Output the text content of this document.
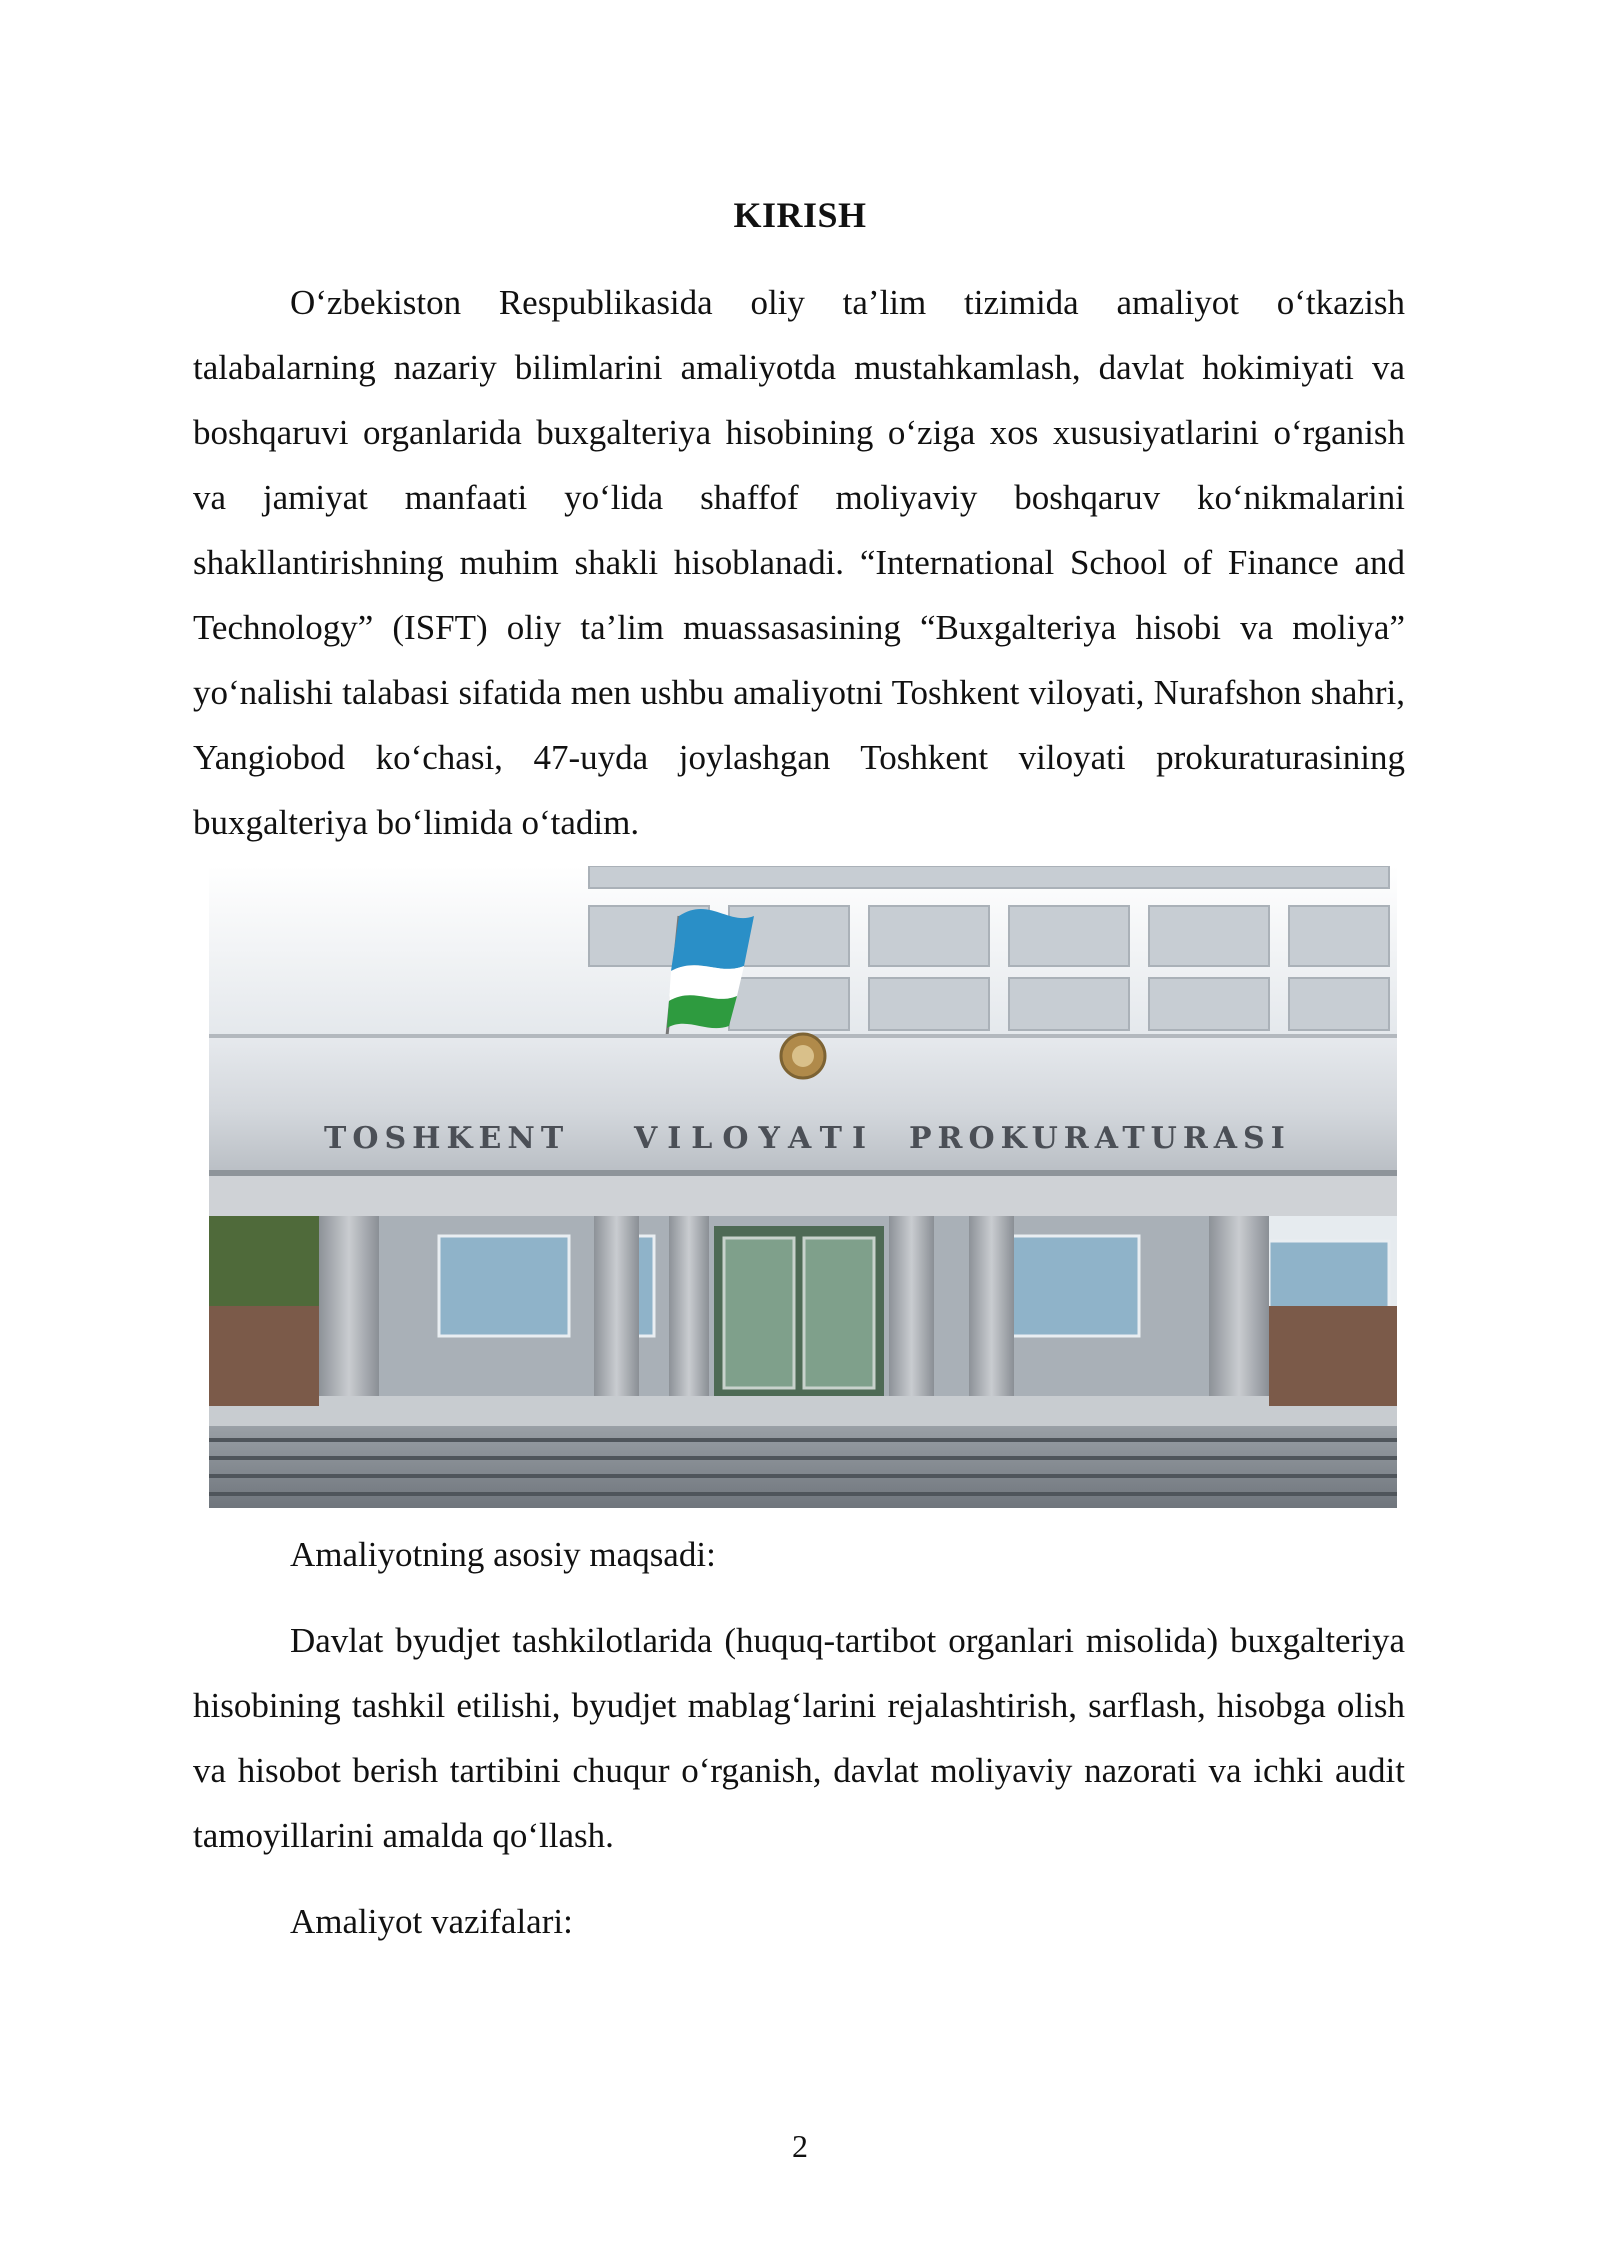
KIRISH

O‘zbekiston Respublikasida oliy ta’lim tizimida amaliyot o‘tkazish talabalarning nazariy bilimlarini amaliyotda mustahkamlash, davlat hokimiyati va boshqaruvi organlarida buxgalteriya hisobining o‘ziga xos xususiyatlarini o‘rganish va jamiyat manfaati yo‘lida shaffof moliyaviy boshqaruv ko‘nikmalarini shakllantirishning muhim shakli hisoblanadi. “International School of Finance and Technology” (ISFT) oliy ta’lim muassasasining “Buxgalteriya hisobi va moliya” yo‘nalishi talabasi sifatida men ushbu amaliyotni Toshkent viloyati, Nurafshon shahri, Yangiobod ko‘chasi, 47-uyda joylashgan Toshkent viloyati prokuraturasining buxgalteriya bo‘limida o‘tadim.

TOSHKENT VILOYATI PROKURATURASI

Amaliyotning asosiy maqsadi:

Davlat byudjet tashkilotlarida (huquq-tartibot organlari misolida) buxgalteriya hisobining tashkil etilishi, byudjet mablag‘larini rejalashtirish, sarflash, hisobga olish va hisobot berish tartibini chuqur o‘rganish, davlat moliyaviy nazorati va ichki audit tamoyillarini amalda qo‘llash.

Amaliyot vazifalari:

2
